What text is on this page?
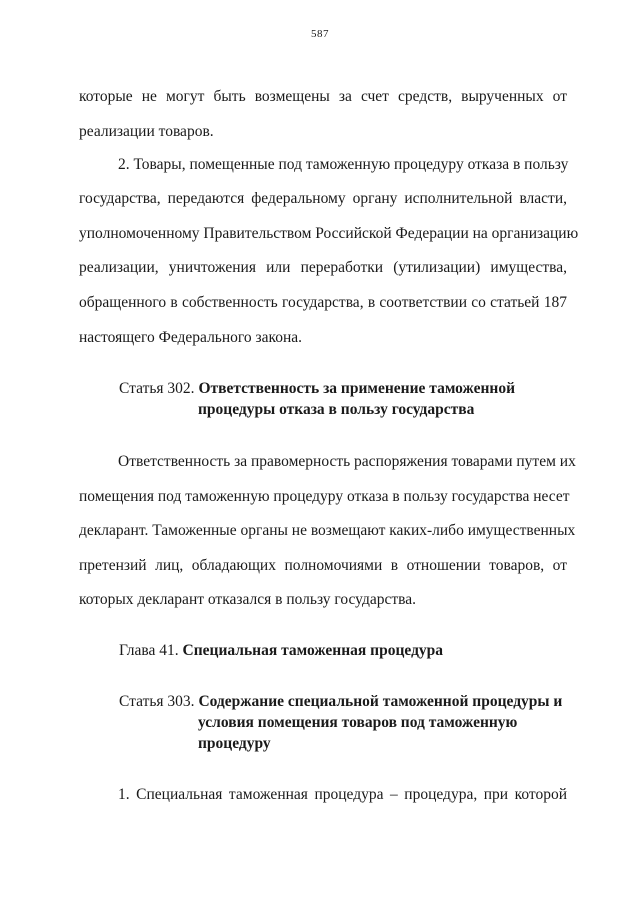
587
которые не могут быть возмещены за счет средств, вырученных от
реализации товаров.
2. Товары, помещенные под таможенную процедуру отказа в пользу
государства, передаются федеральному органу исполнительной власти,
уполномоченному Правительством Российской Федерации на организацию
реализации, уничтожения или переработки (утилизации) имущества,
обращенного в собственность государства, в соответствии со статьей 187
настоящего Федерального закона.
Статья 302. Ответственность за применение таможенной
процедуры отказа в пользу государства
Ответственность за правомерность распоряжения товарами путем их
помещения под таможенную процедуру отказа в пользу государства несет
декларант. Таможенные органы не возмещают каких-либо имущественных
претензий лиц, обладающих полномочиями в отношении товаров, от
которых декларант отказался в пользу государства.
Глава 41. Специальная таможенная процедура
Статья 303. Содержание специальной таможенной процедуры и
условия помещения товаров под таможенную
процедуру
1. Специальная таможенная процедура – процедура, при которой
